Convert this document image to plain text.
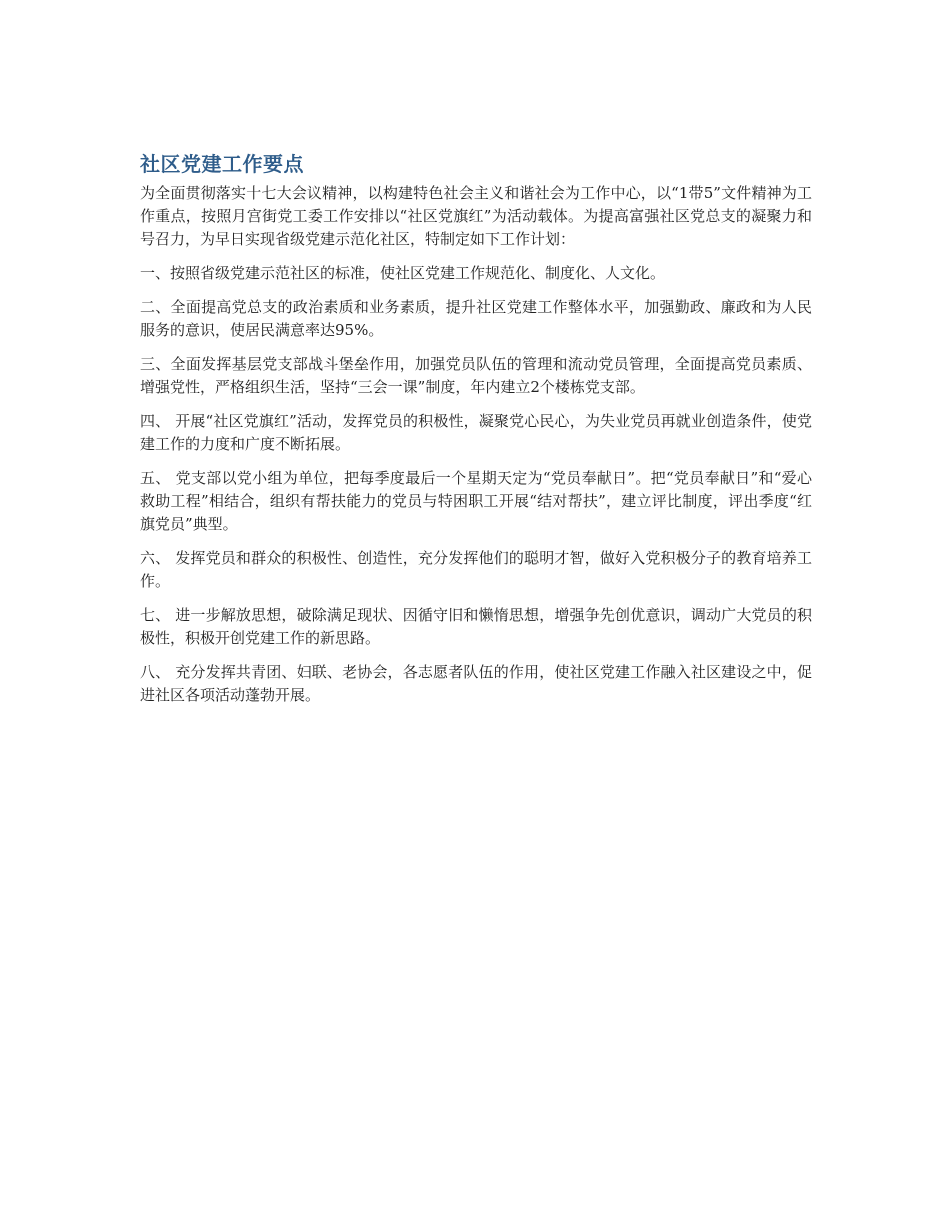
社区党建工作要点

为全面贯彻落实十七大会议精神，以构建特色社会主义和谐社会为工作中心，以“1带5”文件精神为工作重点，按照月宫街党工委工作安排以“社区党旗红”为活动载体。为提高富强社区党总支的凝聚力和号召力，为早日实现省级党建示范化社区，特制定如下工作计划：

一、按照省级党建示范社区的标准，使社区党建工作规范化、制度化、人文化。

二、全面提高党总支的政治素质和业务素质，提升社区党建工作整体水平，加强勤政、廉政和为人民服务的意识，使居民满意率达95%。

三、全面发挥基层党支部战斗堡垒作用，加强党员队伍的管理和流动党员管理，全面提高党员素质、增强党性，严格组织生活，坚持“三会一课”制度，年内建立2个楼栋党支部。

四、 开展“社区党旗红”活动，发挥党员的积极性，凝聚党心民心，为失业党员再就业创造条件，使党建工作的力度和广度不断拓展。

五、 党支部以党小组为单位，把每季度最后一个星期天定为“党员奉献日”。把“党员奉献日”和“爱心救助工程”相结合，组织有帮扶能力的党员与特困职工开展“结对帮扶”，建立评比制度，评出季度“红旗党员”典型。

六、 发挥党员和群众的积极性、创造性，充分发挥他们的聪明才智，做好入党积极分子的教育培养工作。

七、 进一步解放思想，破除满足现状、因循守旧和懒惰思想，增强争先创优意识，调动广大党员的积极性，积极开创党建工作的新思路。

八、 充分发挥共青团、妇联、老协会，各志愿者队伍的作用，使社区党建工作融入社区建设之中，促进社区各项活动蓬勃开展。
